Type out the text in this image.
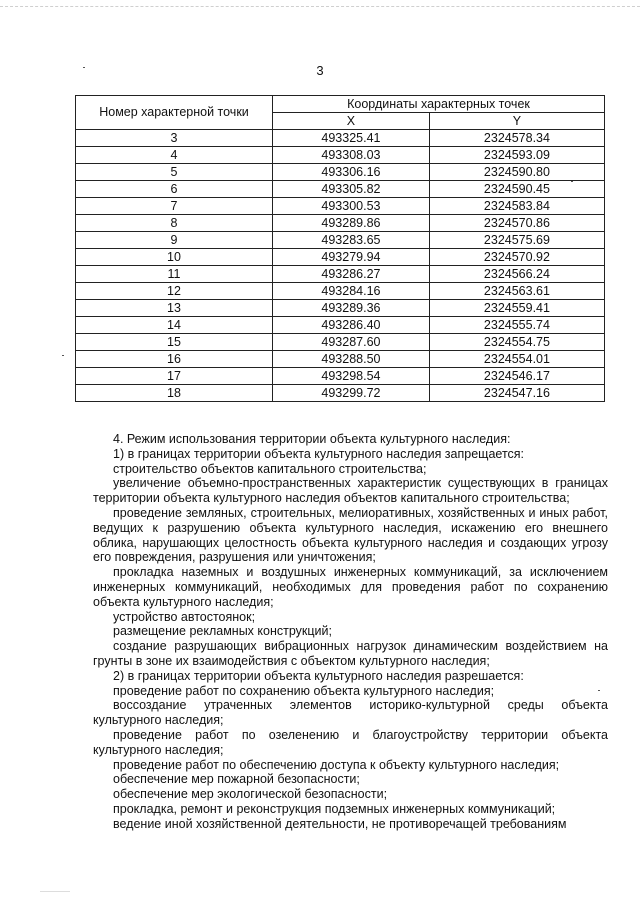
3
Номер характерной точки	Координаты характерных точек	
	X	Y
3	493325.41	2324578.34
4	493308.03	2324593.09
5	493306.16	2324590.80
6	493305.82	2324590.45
7	493300.53	2324583.84
8	493289.86	2324570.86
9	493283.65	2324575.69
10	493279.94	2324570.92
11	493286.27	2324566.24
12	493284.16	2324563.61
13	493289.36	2324559.41
14	493286.40	2324555.74
15	493287.60	2324554.75
16	493288.50	2324554.01
17	493298.54	2324546.17
18	493299.72	2324547.16

4. Режим использования территории объекта культурного наследия:

1) в границах территории объекта культурного наследия запрещается:

строительство объектов капитального строительства;

увеличение объемно-пространственных характеристик существующих в границах территории объекта культурного наследия объектов капитального строительства;

проведение земляных, строительных, мелиоративных, хозяйственных и иных работ, ведущих к разрушению объекта культурного наследия, искажению его внешнего облика, нарушающих целостность объекта культурного наследия и создающих угрозу его повреждения, разрушения или уничтожения;

прокладка наземных и воздушных инженерных коммуникаций, за исключением инженерных коммуникаций, необходимых для проведения работ по сохранению объекта культурного наследия;

устройство автостоянок;

размещение рекламных конструкций;

создание разрушающих вибрационных нагрузок динамическим воздействием на грунты в зоне их взаимодействия с объектом культурного наследия;

2) в границах территории объекта культурного наследия разрешается:

проведение работ по сохранению объекта культурного наследия;

воссоздание утраченных элементов историко-культурной среды объекта культурного наследия;

проведение работ по озеленению и благоустройству территории объекта культурного наследия;

проведение работ по обеспечению доступа к объекту культурного наследия;

обеспечение мер пожарной безопасности;

обеспечение мер экологической безопасности;

прокладка, ремонт и реконструкция подземных инженерных коммуникаций;

ведение иной хозяйственной деятельности, не противоречащей требованиям
